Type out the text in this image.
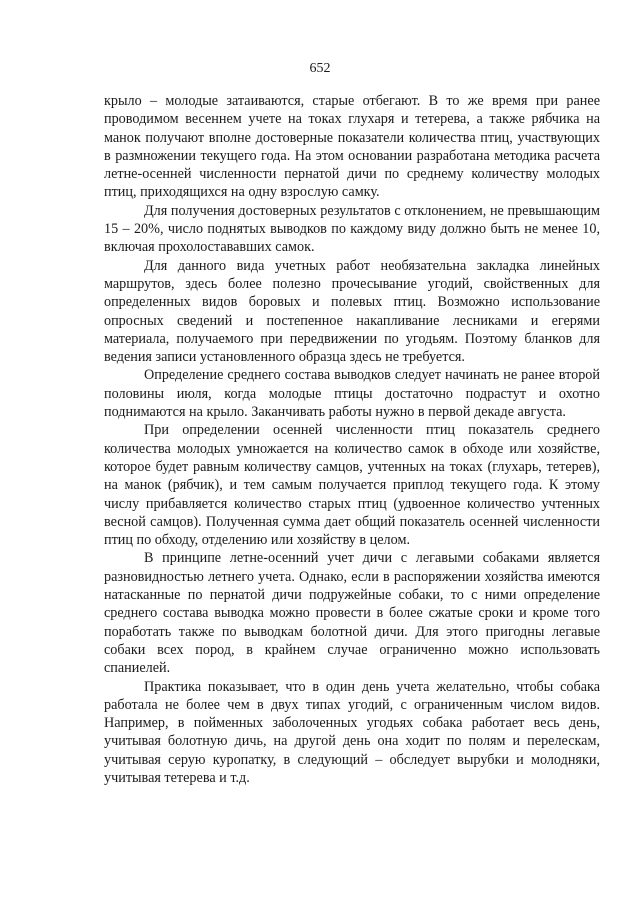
652

крыло – молодые затаиваются, старые отбегают. В то же время при ранее проводимом весеннем учете на токах глухаря и тетерева, а также рябчика на манок получают вполне достоверные показатели количества птиц, участвующих в размножении текущего года. На этом основании разработана методика расчета летне-осенней численности пернатой дичи по среднему количеству молодых птиц, приходящихся на одну взрослую самку.

Для получения достоверных результатов с отклонением, не превышающим 15 – 20%, число поднятых выводков по каждому виду должно быть не менее 10, включая прохолостававших самок.

Для данного вида учетных работ необязательна закладка линейных маршрутов, здесь более полезно прочесывание угодий, свойственных для определенных видов боровых и полевых птиц. Возможно использование опросных сведений и постепенное накапливание лесниками и егерями материала, получаемого при передвижении по угодьям. Поэтому бланков для ведения записи установленного образца здесь не требуется.

Определение среднего состава выводков следует начинать не ранее второй половины июля, когда молодые птицы достаточно подрастут и охотно поднимаются на крыло. Заканчивать работы нужно в первой декаде августа.

При определении осенней численности птиц показатель среднего количества молодых умножается на количество самок в обходе или хозяйстве, которое будет равным количеству самцов, учтенных на токах (глухарь, тетерев), на манок (рябчик), и тем самым получается приплод текущего года. К этому числу прибавляется количество старых птиц (удвоенное количество учтенных весной самцов). Полученная сумма дает общий показатель осенней численности птиц по обходу, отделению или хозяйству в целом.

В принципе летне-осенний учет дичи с легавыми собаками является разновидностью летнего учета. Однако, если в распоряжении хозяйства имеются натасканные по пернатой дичи подружейные собаки, то с ними определение среднего состава выводка можно провести в более сжатые сроки и кроме того поработать также по выводкам болотной дичи. Для этого пригодны легавые собаки всех пород, в крайнем случае ограниченно можно использовать спаниелей.

Практика показывает, что в один день учета желательно, чтобы собака работала не более чем в двух типах угодий, с ограниченным числом видов. Например, в пойменных заболоченных угодьях собака работает весь день, учитывая болотную дичь, на другой день она ходит по полям и перелескам, учитывая серую куропатку, в следующий – обследует вырубки и молодняки, учитывая тетерева и т.д.
